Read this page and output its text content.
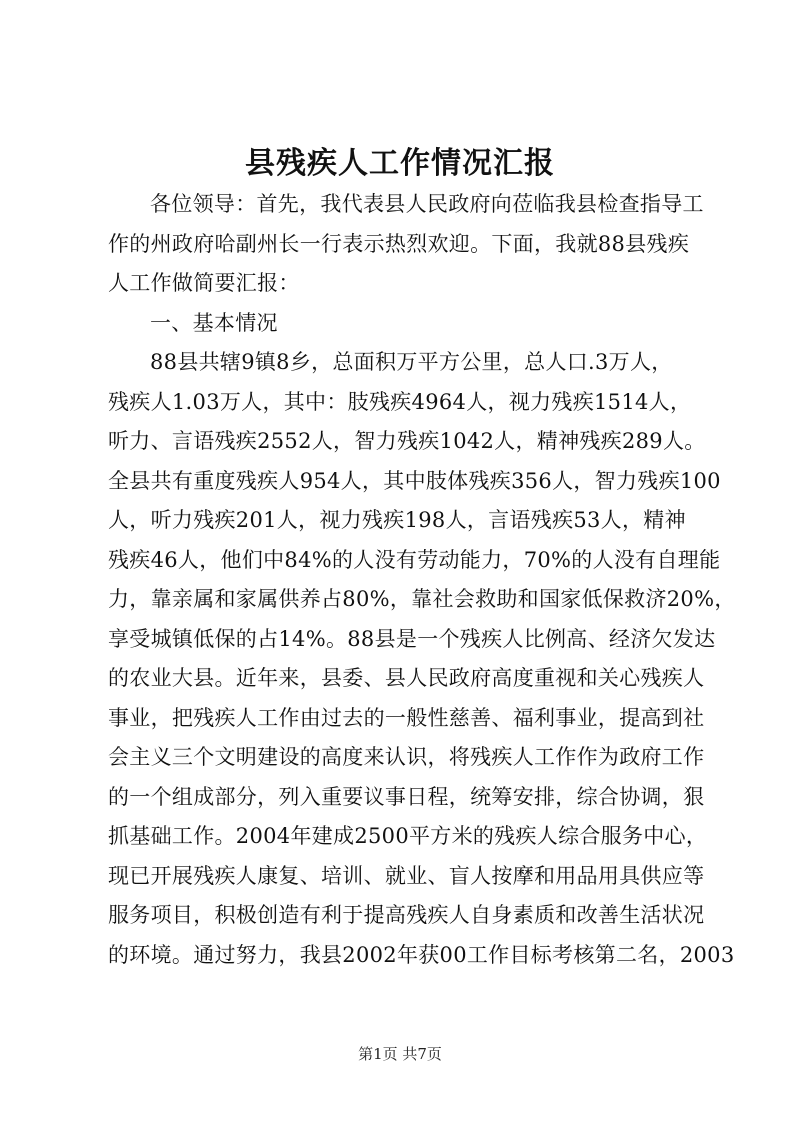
县残疾人工作情况汇报
各位领导：首先，我代表县人民政府向莅临我县检查指导工
作的州政府哈副州长一行表示热烈欢迎。下面，我就88县残疾
人工作做简要汇报：
一、基本情况
88县共辖9镇8乡，总面积万平方公里，总人口.3万人，
残疾人1.03万人，其中：肢残疾4964人，视力残疾1514人，
听力、言语残疾2552人，智力残疾1042人，精神残疾289人。
全县共有重度残疾人954人，其中肢体残疾356人，智力残疾100
人，听力残疾201人，视力残疾198人，言语残疾53人，精神
残疾46人，他们中84%的人没有劳动能力，70%的人没有自理能
力，靠亲属和家属供养占80%，靠社会救助和国家低保救济20%，
享受城镇低保的占14%。88县是一个残疾人比例高、经济欠发达
的农业大县。近年来，县委、县人民政府高度重视和关心残疾人
事业，把残疾人工作由过去的一般性慈善、福利事业，提高到社
会主义三个文明建设的高度来认识，将残疾人工作作为政府工作
的一个组成部分，列入重要议事日程，统筹安排，综合协调，狠
抓基础工作。2004年建成2500平方米的残疾人综合服务中心，
现已开展残疾人康复、培训、就业、盲人按摩和用品用具供应等
服务项目，积极创造有利于提高残疾人自身素质和改善生活状况
的环境。通过努力，我县2002年获00工作目标考核第二名，2003
第1页 共7页
